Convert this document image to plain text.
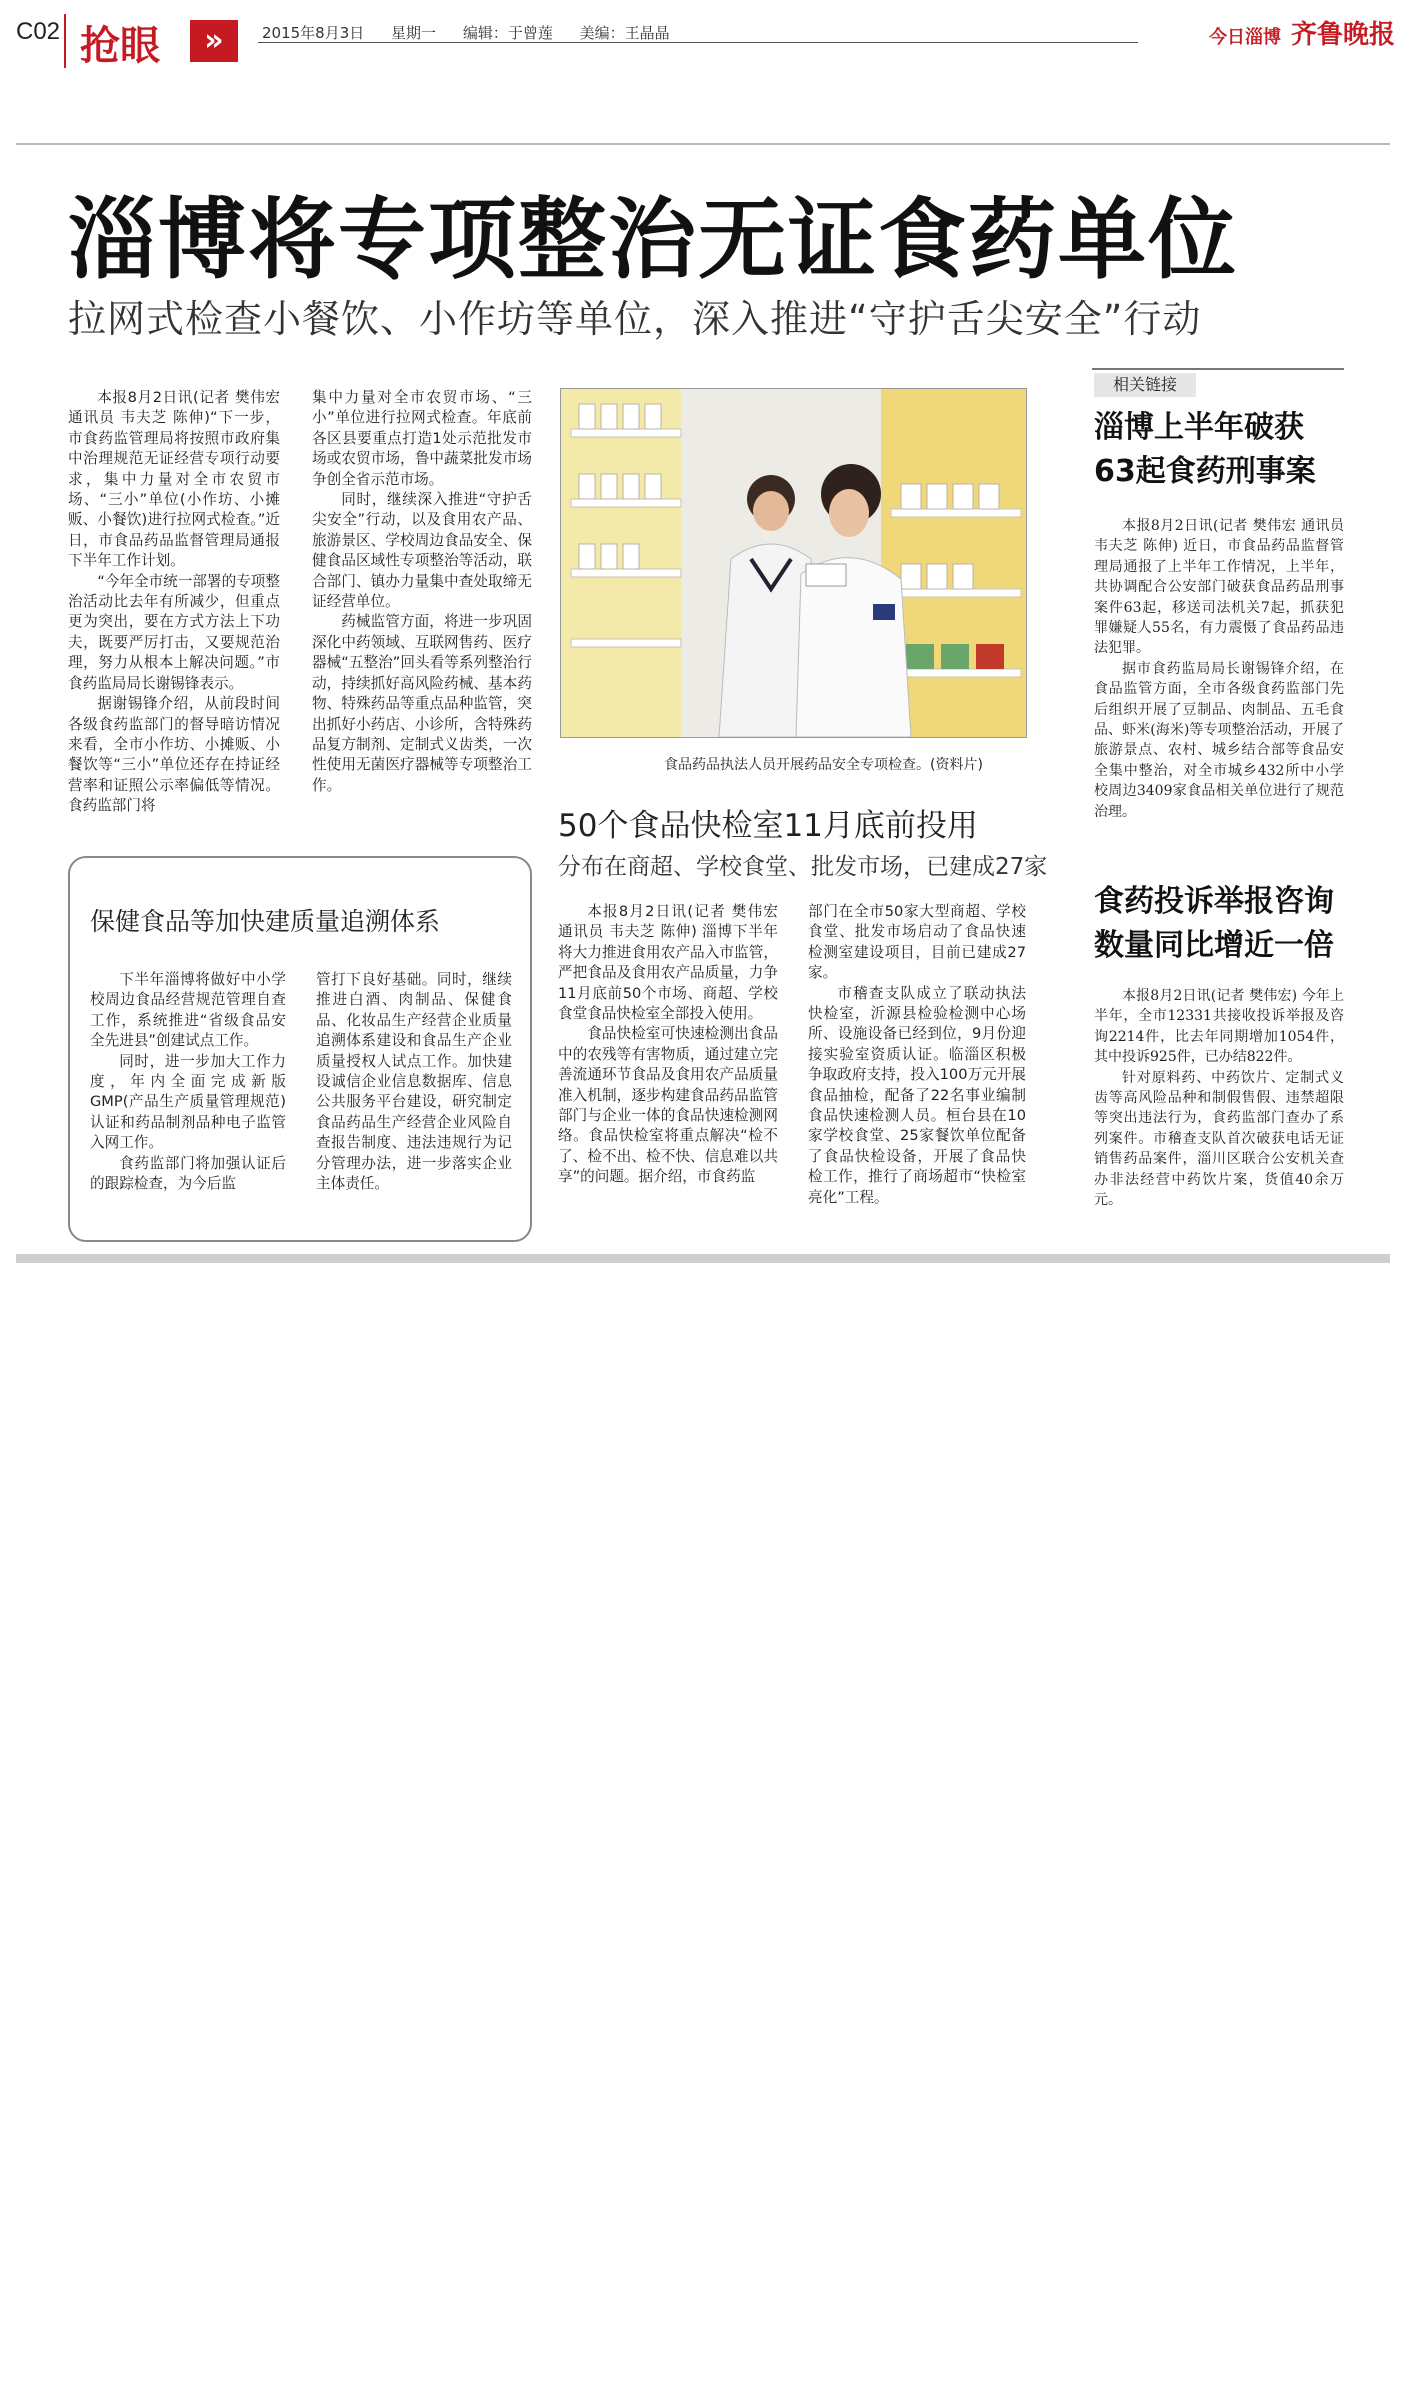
C02 抢眼	»	2015年8月3日 星期一 编辑：于曾莲 美编：王晶晶	今日淄博 齐鲁晚报
淄博将专项整治无证食药单位
拉网式检查小餐饮、小作坊等单位，深入推进“守护舌尖安全”行动

本报8月2日讯(记者 樊伟宏 通讯员 韦夫芝 陈伸)“下一步，市食药监管理局将按照市政府集中治理规范无证经营专项行动要求，集中力量对全市农贸市场、“三小”单位(小作坊、小摊贩、小餐饮)进行拉网式检查。”近日，市食品药品监督管理局通报下半年工作计划。

“今年全市统一部署的专项整治活动比去年有所减少，但重点更为突出，要在方式方法上下功夫，既要严厉打击，又要规范治理，努力从根本上解决问题。”市食药监局局长谢锡锋表示。

据谢锡锋介绍，从前段时间各级食药监部门的督导暗访情况来看，全市小作坊、小摊贩、小餐饮等“三小”单位还存在持证经营率和证照公示率偏低等情况。食药监部门将

集中力量对全市农贸市场、“三小”单位进行拉网式检查。年底前各区县要重点打造1处示范批发市场或农贸市场，鲁中蔬菜批发市场争创全省示范市场。

同时，继续深入推进“守护舌尖安全”行动，以及食用农产品、旅游景区、学校周边食品安全、保健食品区域性专项整治等活动，联合部门、镇办力量集中查处取缔无证经营单位。

药械监管方面，将进一步巩固深化中药领域、互联网售药、医疗器械“五整治”回头看等系列整治行动，持续抓好高风险药械、基本药物、特殊药品等重点品种监管，突出抓好小药店、小诊所，含特殊药品复方制剂、定制式义齿类，一次性使用无菌医疗器械等专项整治工作。

食品药品执法人员开展药品安全专项检查。(资料片)
50个食品快检室11月底前投用
分布在商超、学校食堂、批发市场，已建成27家

本报8月2日讯(记者 樊伟宏 通讯员 韦夫芝 陈伸) 淄博下半年将大力推进食用农产品入市监管，严把食品及食用农产品质量，力争11月底前50个市场、商超、学校食堂食品快检室全部投入使用。

食品快检室可快速检测出食品中的农残等有害物质，通过建立完善流通环节食品及食用农产品质量准入机制，逐步构建食品药品监管部门与企业一体的食品快速检测网络。食品快检室将重点解决“检不了、检不出、检不快、信息难以共享”的问题。据介绍，市食药监

部门在全市50家大型商超、学校食堂、批发市场启动了食品快速检测室建设项目，目前已建成27家。

市稽查支队成立了联动执法快检室，沂源县检验检测中心场所、设施设备已经到位，9月份迎接实验室资质认证。临淄区积极争取政府支持，投入100万元开展食品抽检，配备了22名事业编制食品快速检测人员。桓台县在10家学校食堂、25家餐饮单位配备了食品快检设备，开展了食品快检工作，推行了商场超市“快检室亮化”工程。

保健食品等加快建质量追溯体系

下半年淄博将做好中小学校周边食品经营规范管理自查工作，系统推进“省级食品安全先进县”创建试点工作。

同时，进一步加大工作力度，年内全面完成新版GMP(产品生产质量管理规范)认证和药品制剂品种电子监管入网工作。

食药监部门将加强认证后的跟踪检查，为今后监

管打下良好基础。同时，继续推进白酒、肉制品、保健食品、化妆品生产经营企业质量追溯体系建设和食品生产企业质量授权人试点工作。加快建设诚信企业信息数据库、信息公共服务平台建设，研究制定食品药品生产经营企业风险自查报告制度、违法违规行为记分管理办法，进一步落实企业主体责任。

相关链接
淄博上半年破获
63起食药刑事案

本报8月2日讯(记者 樊伟宏 通讯员 韦夫芝 陈伸) 近日，市食品药品监督管理局通报了上半年工作情况，上半年，共协调配合公安部门破获食品药品刑事案件63起，移送司法机关7起，抓获犯罪嫌疑人55名，有力震慑了食品药品违法犯罪。

据市食药监局局长谢锡锋介绍，在食品监管方面，全市各级食药监部门先后组织开展了豆制品、肉制品、五毛食品、虾米(海米)等专项整治活动，开展了旅游景点、农村、城乡结合部等食品安全集中整治，对全市城乡432所中小学校周边3409家食品相关单位进行了规范治理。

食药投诉举报咨询
数量同比增近一倍

本报8月2日讯(记者 樊伟宏) 今年上半年，全市12331共接收投诉举报及咨询2214件，比去年同期增加1054件，其中投诉925件，已办结822件。

针对原料药、中药饮片、定制式义齿等高风险品种和制假售假、违禁超限等突出违法行为，食药监部门查办了系列案件。市稽查支队首次破获电话无证销售药品案件，淄川区联合公安机关查办非法经营中药饮片案，货值40余万元。
